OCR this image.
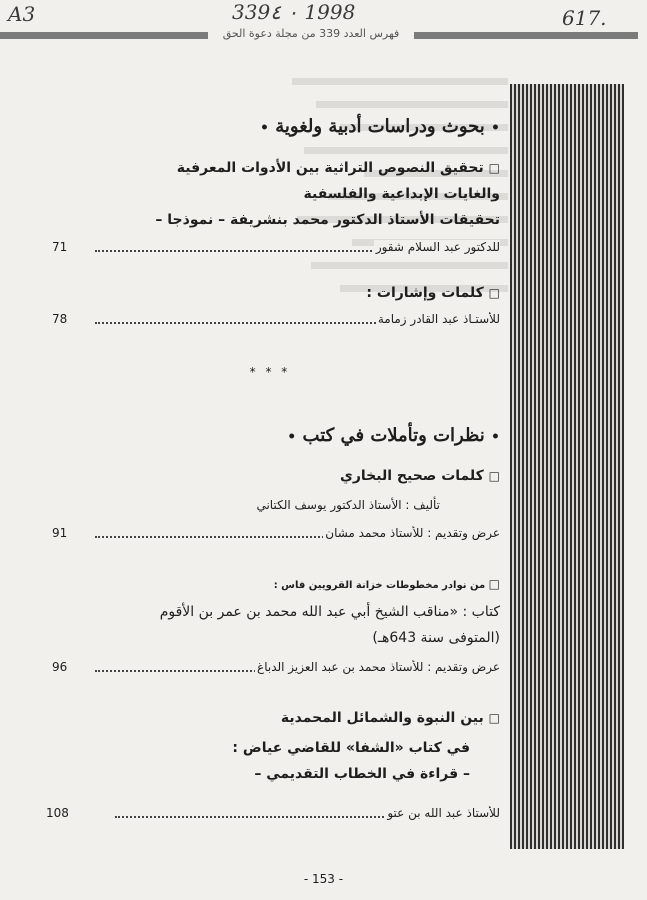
A3	339٠ ٤ 1998	617.
فهرس العدد 339 من مجلة دعوة الحق
• بحوث ودراسات أدبية ولغوية •
□ تحقيق النصوص التراثية بين الأدوات المعرفية
والغايات الإبداعية والفلسفية
تحقيقات الأستاذ الدكتور محمد بنشريفة – نموذجا –
للدكتور عبد السلام شقور
71
□ كلمات وإشارات :
للأستـاذ عبد القادر زمامة
78
* * *
• نظرات وتأملات في كتب •
□ كلمات صحيح البخاري
تأليف : الأستاذ الدكتور يوسف الكتاني
عرض وتقديم : للأستاذ محمد مشان
91
□ من نوادر مخطوطات خزانة القرويين فاس :
كتاب : «مناقب الشيخ أبي عبد الله محمد بن عمر بن الأقوم
(المتوفى سنة 643هـ)
عرض وتقديم : للأستاذ محمد بن عبد العزيز الدباغ
96
□ بين النبوة والشمائل المحمدية
في كتاب «الشفا» للقاضي عياض :
– قراءة في الخطاب التقديمي –
للأستاذ عبد الله بن عتو
108
- 153 -
